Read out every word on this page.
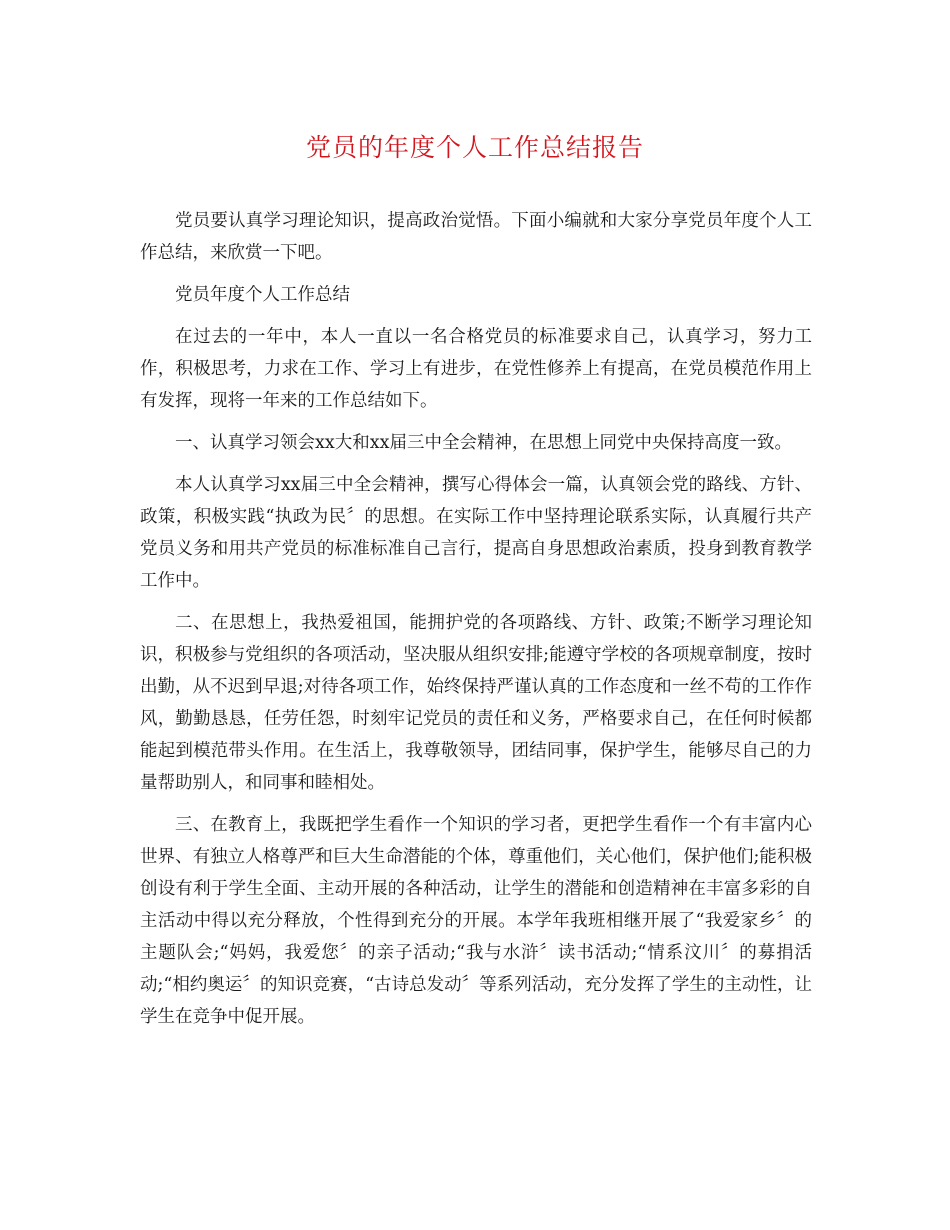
党员的年度个人工作总结报告

党员要认真学习理论知识，提高政治觉悟。下面小编就和大家分享党员年度个人工作总结，来欣赏一下吧。

党员年度个人工作总结

在过去的一年中，本人一直以一名合格党员的标准要求自己，认真学习，努力工作，积极思考，力求在工作、学习上有进步，在党性修养上有提高，在党员模范作用上有发挥，现将一年来的工作总结如下。

一、认真学习领会xx大和xx届三中全会精神，在思想上同党中央保持高度一致。

本人认真学习xx届三中全会精神，撰写心得体会一篇，认真领会党的路线、方针、政策，积极实践“执政为民〞的思想。在实际工作中坚持理论联系实际，认真履行共产党员义务和用共产党员的标准标准自己言行，提高自身思想政治素质，投身到教育教学工作中。

二、在思想上，我热爱祖国，能拥护党的各项路线、方针、政策;不断学习理论知识，积极参与党组织的各项活动，坚决服从组织安排;能遵守学校的各项规章制度，按时出勤，从不迟到早退;对待各项工作，始终保持严谨认真的工作态度和一丝不苟的工作作风，勤勤恳恳，任劳任怨，时刻牢记党员的责任和义务，严格要求自己，在任何时候都能起到模范带头作用。在生活上，我尊敬领导，团结同事，保护学生，能够尽自己的力量帮助别人，和同事和睦相处。

三、在教育上，我既把学生看作一个知识的学习者，更把学生看作一个有丰富内心世界、有独立人格尊严和巨大生命潜能的个体，尊重他们，关心他们，保护他们;能积极创设有利于学生全面、主动开展的各种活动，让学生的潜能和创造精神在丰富多彩的自主活动中得以充分释放，个性得到充分的开展。本学年我班相继开展了“我爱家乡〞的主题队会;“妈妈，我爱您〞的亲子活动;“我与水浒〞读书活动;“情系汶川〞的募捐活动;“相约奥运〞的知识竞赛，“古诗总发动〞等系列活动，充分发挥了学生的主动性，让学生在竞争中促开展。
